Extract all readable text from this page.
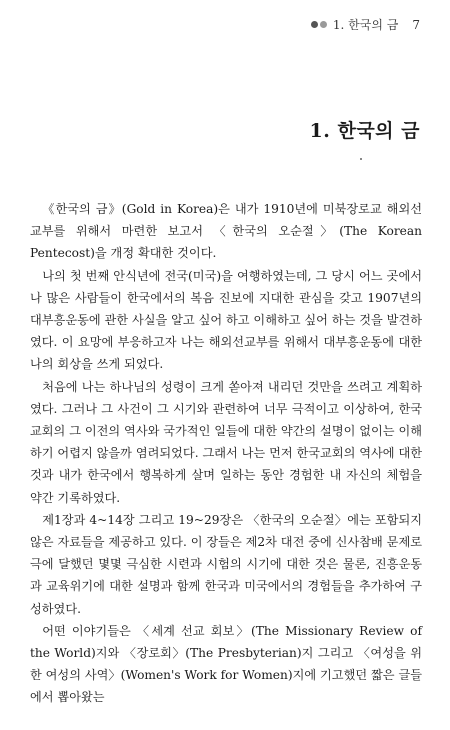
1. 한국의 금 7
1. 한국의 금

《한국의 금》(Gold in Korea)은 내가 1910년에 미북장로교 해외선교부를 위해서 마련한 보고서 〈한국의 오순절〉(The Korean Pentecost)을 개정 확대한 것이다.

나의 첫 번째 안식년에 전국(미국)을 여행하였는데, 그 당시 어느 곳에서나 많은 사람들이 한국에서의 복음 진보에 지대한 관심을 갖고 1907년의 대부흥운동에 관한 사실을 알고 싶어 하고 이해하고 싶어 하는 것을 발견하였다. 이 요망에 부응하고자 나는 해외선교부를 위해서 대부흥운동에 대한 나의 회상을 쓰게 되었다.

처음에 나는 하나님의 성령이 크게 쏟아져 내리던 것만을 쓰려고 계획하였다. 그러나 그 사건이 그 시기와 관련하여 너무 극적이고 이상하여, 한국교회의 그 이전의 역사와 국가적인 일들에 대한 약간의 설명이 없이는 이해하기 어렵지 않을까 염려되었다. 그래서 나는 먼저 한국교회의 역사에 대한 것과 내가 한국에서 행복하게 살며 일하는 동안 경험한 내 자신의 체험을 약간 기록하였다.

제1장과 4~14장 그리고 19~29장은 〈한국의 오순절〉에는 포함되지 않은 자료들을 제공하고 있다. 이 장들은 제2차 대전 중에 신사참배 문제로 극에 달했던 몇몇 극심한 시련과 시험의 시기에 대한 것은 물론, 진흥운동과 교육위기에 대한 설명과 함께 한국과 미국에서의 경험들을 추가하여 구성하였다.

어떤 이야기들은 〈세계 선교 회보〉(The Missionary Review of the World)지와 〈장로회〉(The Presbyterian)지 그리고 〈여성을 위한 여성의 사역〉(Women's Work for Women)지에 기고했던 짧은 글들에서 뽑아왔는
